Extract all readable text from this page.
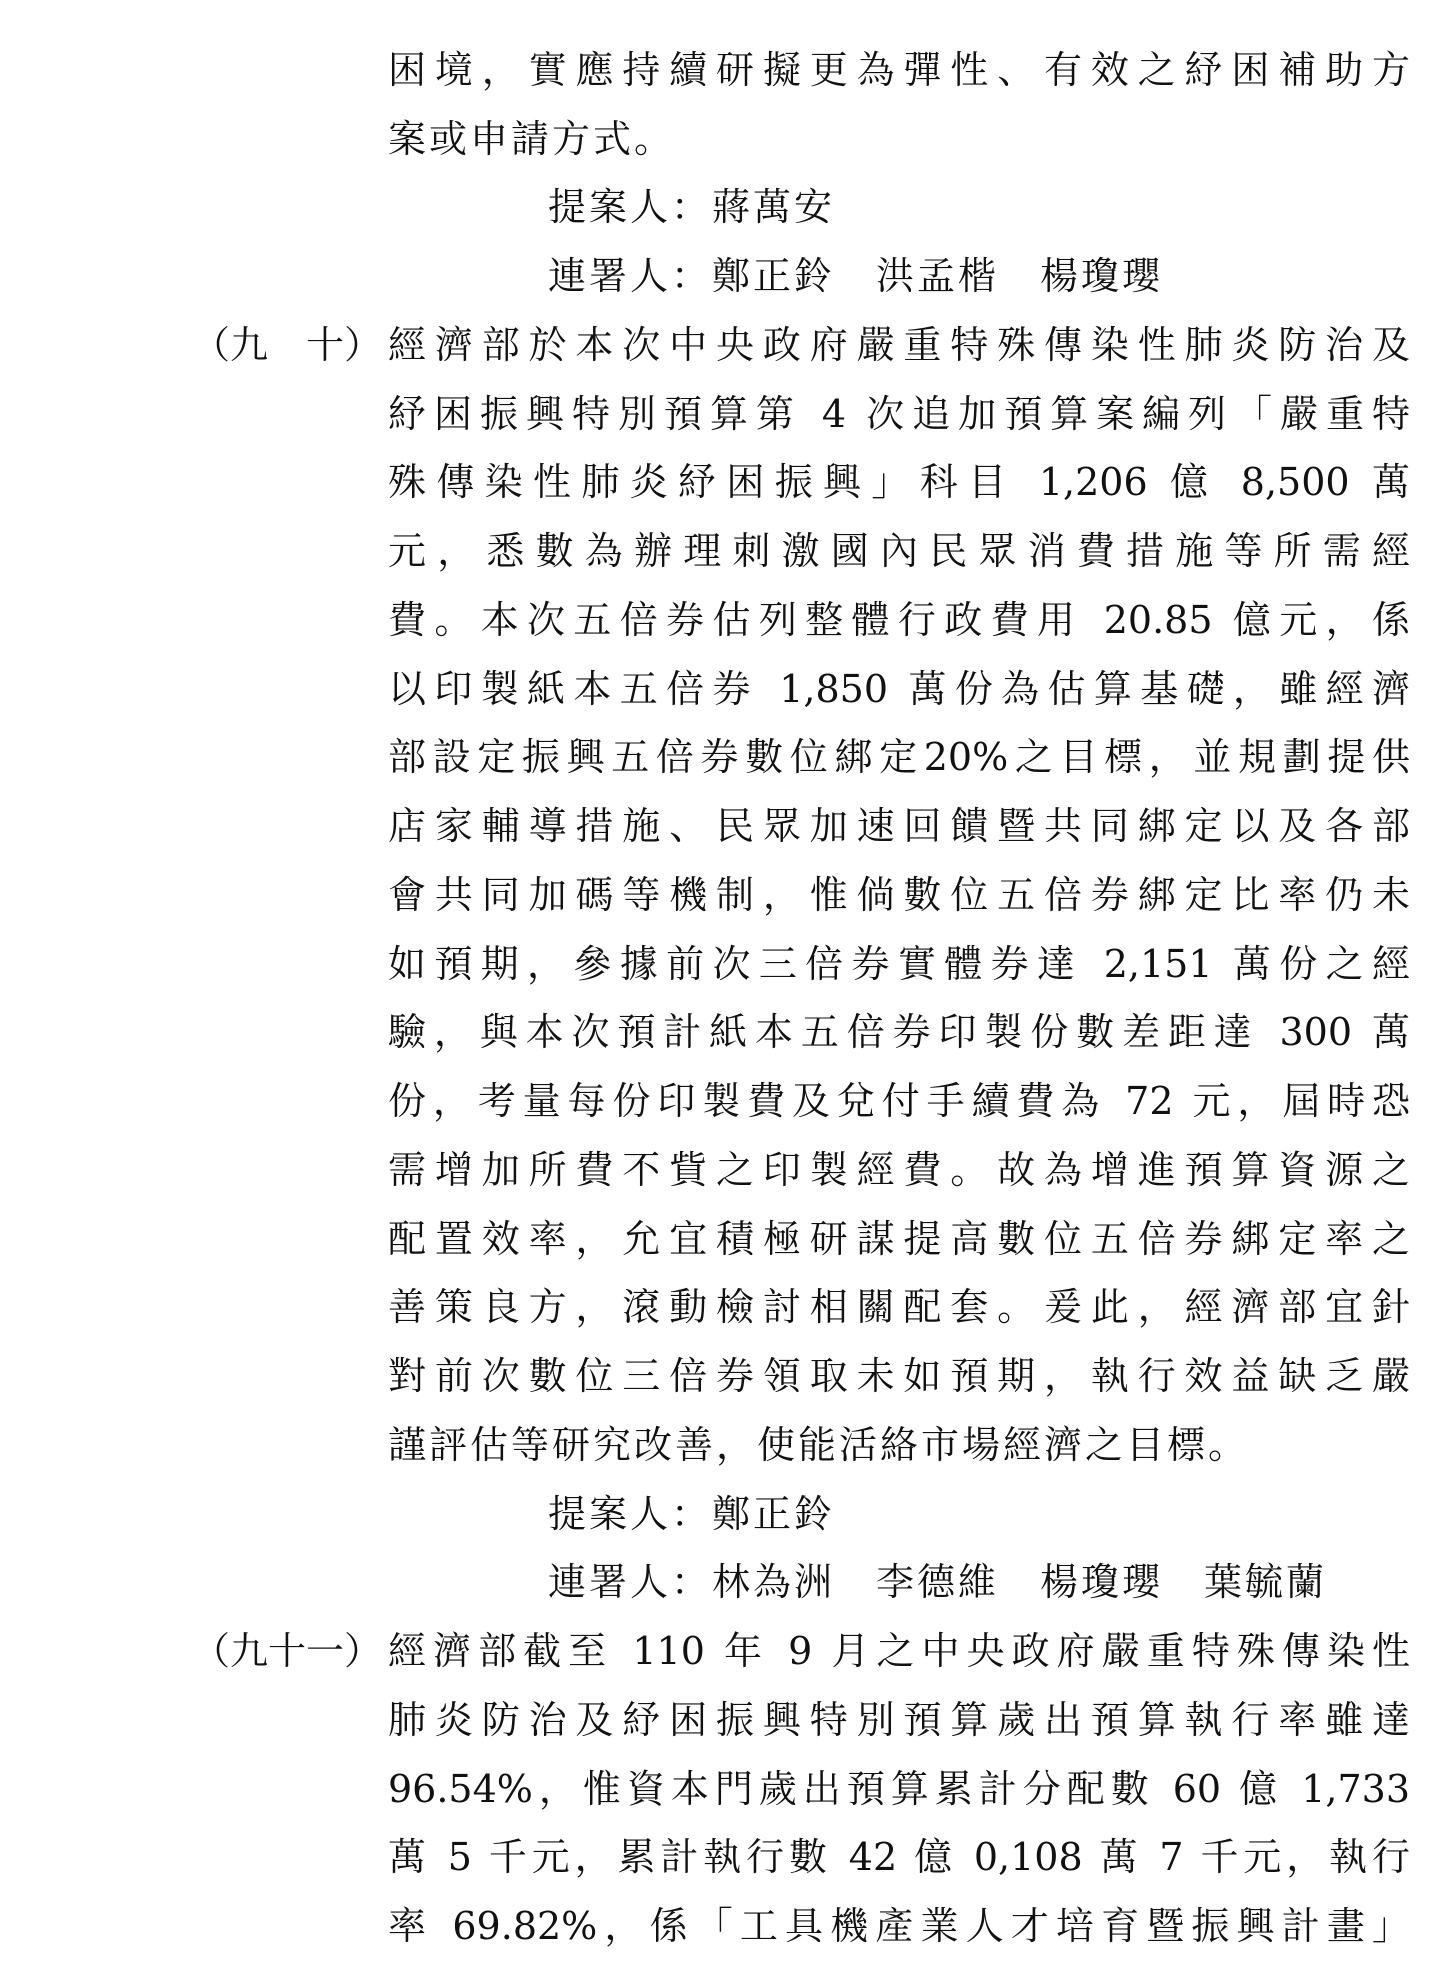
困境，實應持續研擬更為彈性、有效之紓困補助方
案或申請方式。
提案人：蔣萬安
連署人：鄭正鈴　洪孟楷　楊瓊瓔
（九　十） 經濟部於本次中央政府嚴重特殊傳染性肺炎防治及
紓困振興特別預算第 4 次追加預算案編列「嚴重特
殊傳染性肺炎紓困振興」科目 1,206 億 8,500 萬
元，悉數為辦理刺激國內民眾消費措施等所需經
費。本次五倍券估列整體行政費用 20.85 億元，係
以印製紙本五倍券 1,850 萬份為估算基礎，雖經濟
部設定振興五倍券數位綁定20%之目標，並規劃提供
店家輔導措施、民眾加速回饋暨共同綁定以及各部
會共同加碼等機制，惟倘數位五倍券綁定比率仍未
如預期，參據前次三倍券實體券達 2,151 萬份之經
驗，與本次預計紙本五倍券印製份數差距達 300 萬
份，考量每份印製費及兌付手續費為 72 元，屆時恐
需增加所費不貲之印製經費。故為增進預算資源之
配置效率，允宜積極研謀提高數位五倍券綁定率之
善策良方，滾動檢討相關配套。爰此，經濟部宜針
對前次數位三倍券領取未如預期，執行效益缺乏嚴
謹評估等研究改善，使能活絡市場經濟之目標。
提案人：鄭正鈴
連署人：林為洲　李德維　楊瓊瓔　葉毓蘭
（九十一） 經濟部截至 110 年 9 月之中央政府嚴重特殊傳染性
肺炎防治及紓困振興特別預算歲出預算執行率雖達
96.54%，惟資本門歲出預算累計分配數 60 億 1,733
萬 5 千元，累計執行數 42 億 0,108 萬 7 千元，執行
率 69.82%，係「工具機產業人才培育暨振興計畫」
